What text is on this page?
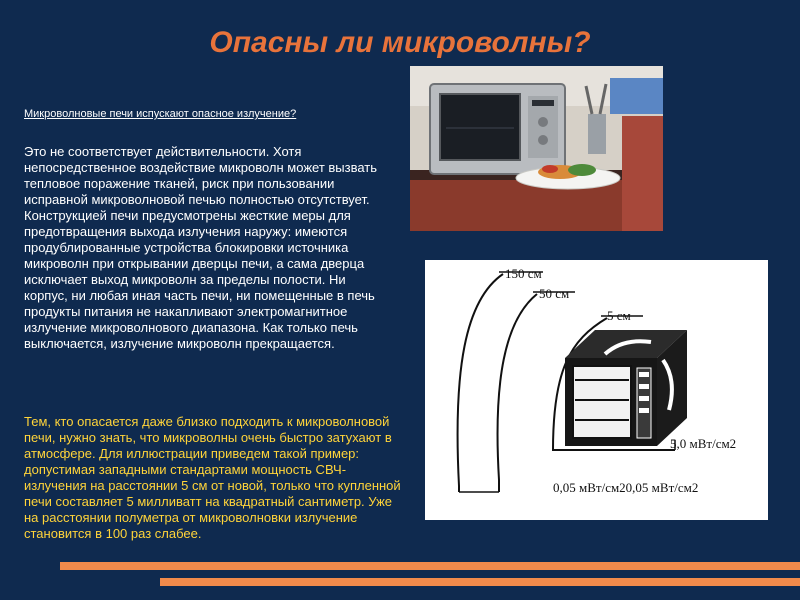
Опасны ли микроволны?
Микроволновые печи испускают опасное излучение?
Это не соответствует действительности. Хотя непосредственное воздействие микроволн может вызвать тепловое поражение тканей, риск при пользовании исправной микроволновой печью полностью отсутствует. Конструкцией печи предусмотрены жесткие меры для предотвращения выхода излучения наружу: имеются продублированные устройства блокировки источника микроволн при открывании дверцы печи, а сама дверца исключает выход микроволн за пределы полости. Ни корпус, ни любая иная часть печи, ни помещенные в печь продукты питания не накапливают электромагнитное излучение микроволнового диапазона. Как только печь выключается, излучение микроволн прекращается.
Тем, кто опасается даже близко подходить к микроволновой печи, нужно знать, что микроволны очень быстро затухают в атмосфере. Для иллюстрации приведем такой пример: допустимая западными стандартами мощность СВЧ-излучения на расстоянии 5 см от новой, только что купленной печи составляет 5 милливатт на квадратный сантиметр. Уже на расстоянии полуметра от микроволновки излучение становится в 100 раз слабее.
150 см
50 см
5 см
5,0 мВт/см2
0,05 мВт/см20,05 мВт/см2
